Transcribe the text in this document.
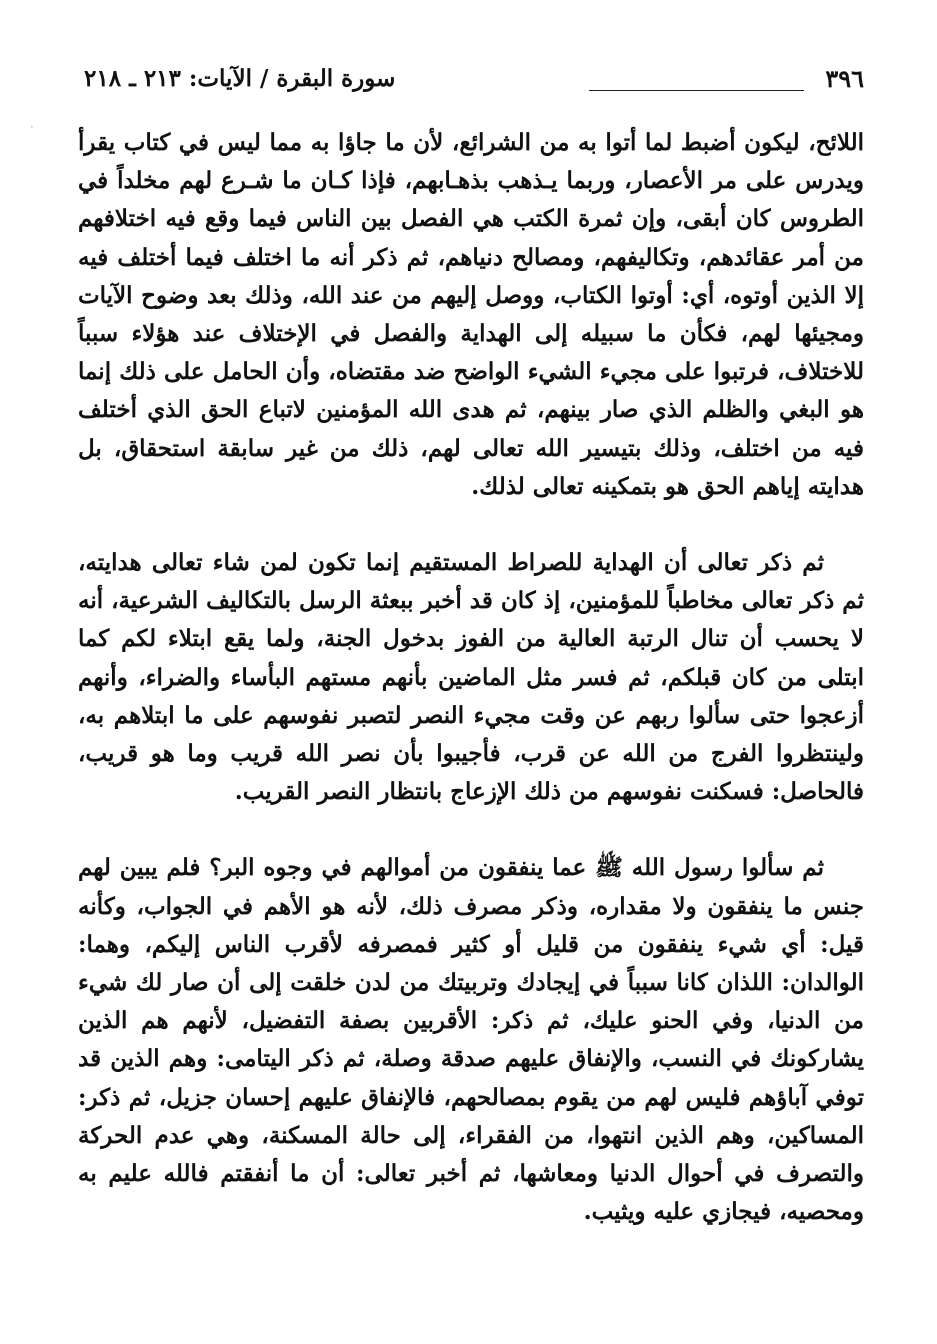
٣٩٦
سورة البقرة / الآيات: ٢١٣ ـ ٢١٨
·

اللائح، ليكون أضبط لما أتوا به من الشرائع، لأن ما جاؤا به مما ليس في كتاب يقرأ ويدرس على مر الأعصار، وربما يـذهب بذهـابهم، فإذا كـان ما شـرع لهم مخلداً في الطروس كان أبقى، وإن ثمرة الكتب هي الفصل بين الناس فيما وقع فيه اختلافهم من أمر عقائدهم، وتكاليفهم، ومصالح دنياهم، ثم ذكر أنه ما اختلف فيما أختلف فيه إلا الذين أوتوه، أي: أوتوا الكتاب، ووصل إليهم من عند الله، وذلك بعد وضوح الآيات ومجيئها لهم، فكأن ما سبيله إلى الهداية والفصل في الإختلاف عند هؤلاء سبباً للاختلاف، فرتبوا على مجيء الشيء الواضح ضد مقتضاه، وأن الحامل على ذلك إنما هو البغي والظلم الذي صار بينهم، ثم هدى الله المؤمنين لاتباع الحق الذي أختلف فيه من اختلف، وذلك بتيسير الله تعالى لهم، ذلك من غير سابقة استحقاق، بل هدايته إياهم الحق هو بتمكينه تعالى لذلك.

ثم ذكر تعالى أن الهداية للصراط المستقيم إنما تكون لمن شاء تعالى هدايته، ثم ذكر تعالى مخاطباً للمؤمنين، إذ كان قد أخبر ببعثة الرسل بالتكاليف الشرعية، أنه لا يحسب أن تنال الرتبة العالية من الفوز بدخول الجنة، ولما يقع ابتلاء لكم كما ابتلى من كان قبلكم، ثم فسر مثل الماضين بأنهم مستهم البأساء والضراء، وأنهم أزعجوا حتى سألوا ربهم عن وقت مجيء النصر لتصبر نفوسهم على ما ابتلاهم به، ولينتظروا الفرج من الله عن قرب، فأجيبوا بأن نصر الله قريب وما هو قريب، فالحاصل: فسكنت نفوسهم من ذلك الإزعاج بانتظار النصر القريب.

ثم سألوا رسول الله ﷺ عما ينفقون من أموالهم في وجوه البر؟ فلم يبين لهم جنس ما ينفقون ولا مقداره، وذكر مصرف ذلك، لأنه هو الأهم في الجواب، وكأنه قيل: أي شيء ينفقون من قليل أو كثير فمصرفه لأقرب الناس إليكم، وهما: الوالدان: اللذان كانا سبباً في إيجادك وتربيتك من لدن خلقت إلى أن صار لك شيء من الدنيا، وفي الحنو عليك، ثم ذكر: الأقربين بصفة التفضيل، لأنهم هم الذين يشاركونك في النسب، والإنفاق عليهم صدقة وصلة، ثم ذكر اليتامى: وهم الذين قد توفي آباؤهم فليس لهم من يقوم بمصالحهم، فالإنفاق عليهم إحسان جزيل، ثم ذكر: المساكين، وهم الذين انتهوا، من الفقراء، إلى حالة المسكنة، وهي عدم الحركة والتصرف في أحوال الدنيا ومعاشها، ثم أخبر تعالى: أن ما أنفقتم فالله عليم به ومحصيه، فيجازي عليه ويثيب.
